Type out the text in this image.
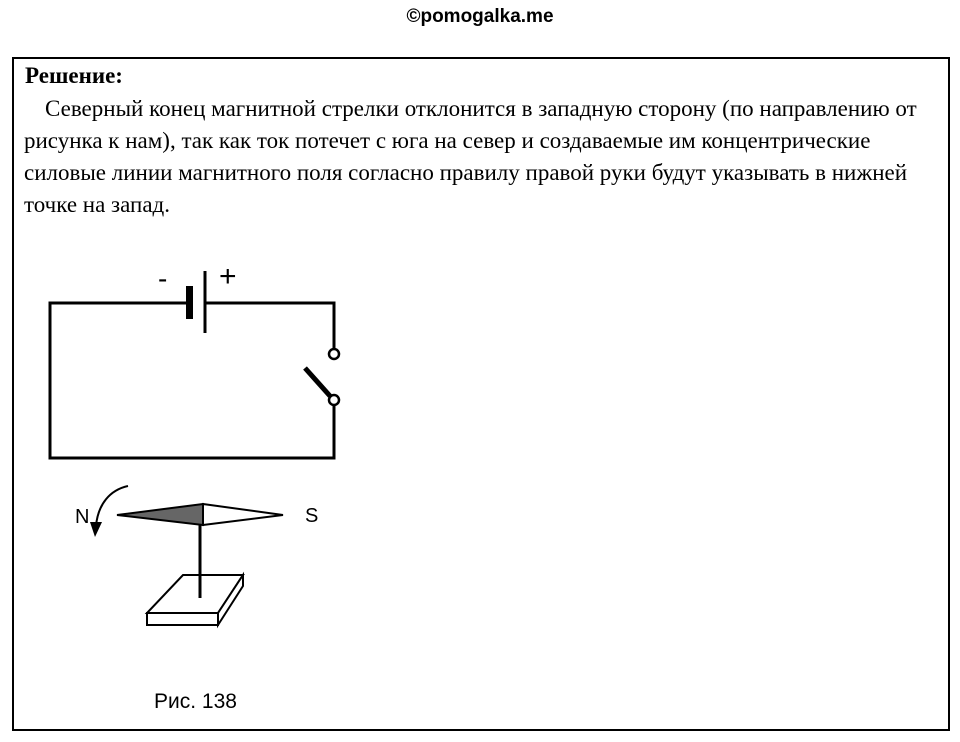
©pomogalka.me
Решение:

Северный конец магнитной стрелки отклонится в западную сторону (по направлению от рисунка к нам), так как ток потечет с юга на север и создаваемые им концентрические силовые линии магнитного поля согласно правилу правой руки будут указывать в нижней точке на запад.

- +
N	S
Рис. 138
